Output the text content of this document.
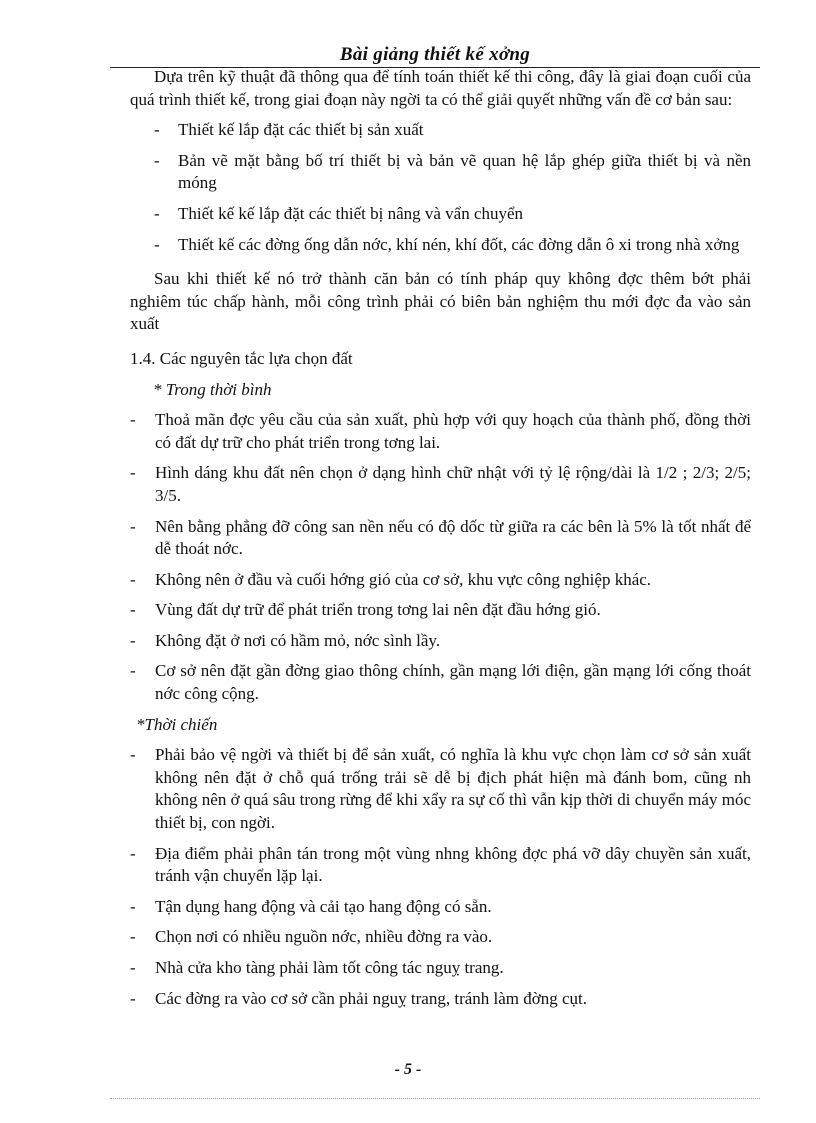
Bài giảng thiết kế xởng

Dựa trên kỹ thuật đã thông qua để tính toán thiết kế thi công, đây là giai đoạn cuối của quá trình thiết kế, trong giai đoạn này ngời ta có thể giải quyết những vấn đề cơ bản sau:

- Thiết kế lắp đặt các thiết bị sản xuất
- Bản vẽ mặt bằng bố trí thiết bị và bản vẽ quan hệ lắp ghép giữa thiết bị và nền móng
- Thiết kế kế lắp đặt các thiết bị nâng và vẩn chuyển
- Thiết kế các đờng ống dẫn nớc, khí nén, khí đốt, các đờng dẫn ô xi trong nhà xởng

Sau khi thiết kế nó trở thành căn bản có tính pháp quy không đợc thêm bớt phải nghiêm túc chấp hành, mỗi công trình phải có biên bản nghiệm thu mới đợc đa vào sản xuất

1.4. Các nguyên tắc lựa chọn đất

* Trong thời bình

- Thoả mãn đợc yêu cầu của sản xuất, phù hợp với quy hoạch của thành phố, đồng thời có đất dự trữ cho phát triển trong tơng lai.
- Hình dáng khu đất nên chọn ở dạng hình chữ nhật với tỷ lệ rộng/dài là 1/2 ; 2/3; 2/5; 3/5.
- Nên bằng phẳng đỡ công san nền nếu có độ dốc từ giữa ra các bên là 5% là tốt nhất để dễ thoát nớc.
- Không nên ở đầu và cuối hớng gió của cơ sở, khu vực công nghiệp khác.
- Vùng đất dự trữ để phát triển trong tơng lai nên đặt đầu hớng gió.
- Không đặt ở nơi có hầm mỏ, nớc sình lầy.
- Cơ sở nên đặt gần đờng giao thông chính, gần mạng lới điện, gần mạng lới cống thoát nớc công cộng.

*Thời chiến

- Phải bảo vệ ngời và thiết bị để sản xuất, có nghĩa là khu vực chọn làm cơ sở sản xuất không nên đặt ở chỗ quá trống trải sẽ dễ bị địch phát hiện mà đánh bom, cũng nh không nên ở quá sâu trong rừng để khi xẩy ra sự cố thì vẫn kịp thời di chuyển máy móc thiết bị, con ngời.
- Địa điểm phải phân tán trong một vùng nhng không đợc phá vỡ dây chuyền sản xuất, tránh vận chuyển lặp lại.
- Tận dụng hang động và cải tạo hang động có sẵn.
- Chọn nơi có nhiều nguồn nớc, nhiều đờng ra vào.
- Nhà cửa kho tàng phải làm tốt công tác nguỵ trang.
- Các đờng ra vào cơ sở cần phải nguỵ trang, tránh làm đờng cụt.
- 5 -
